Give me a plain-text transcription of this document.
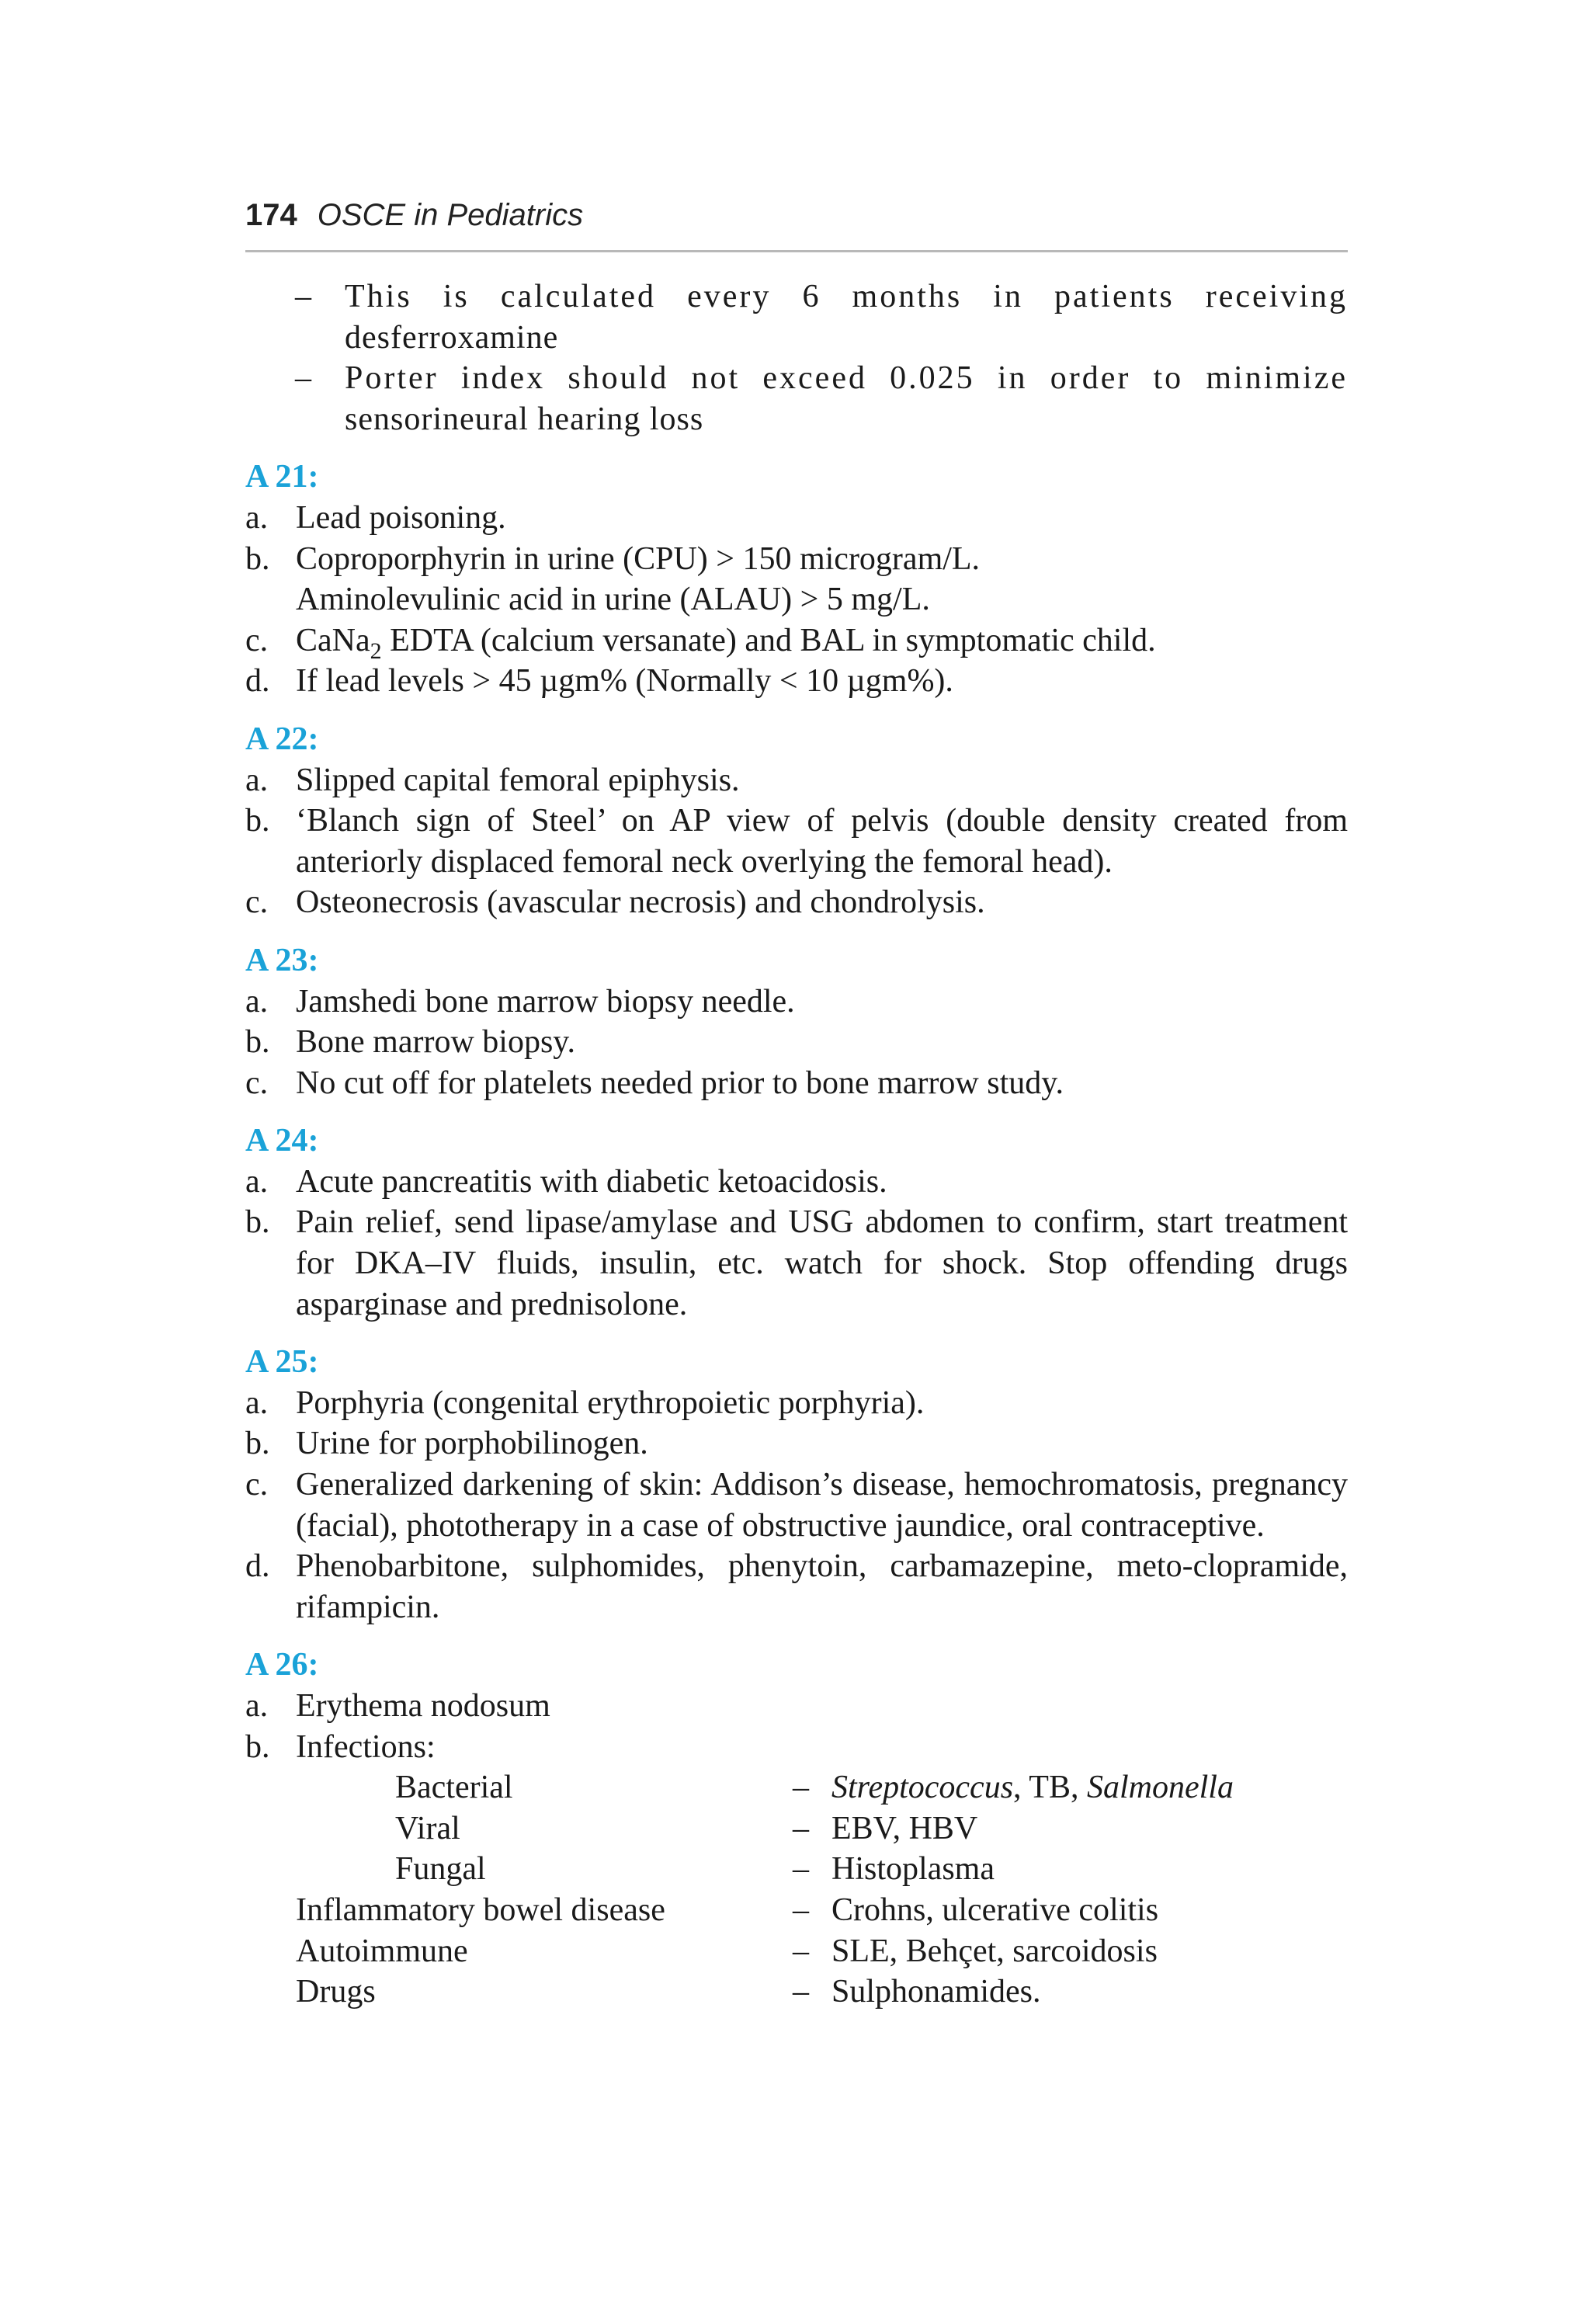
174 OSCE in Pediatrics
–	This is calculated every 6 months in patients receiving
desferroxamine
–	Porter index should not exceed 0.025 in order to minimize
sensorineural hearing loss
A 21:
a. Lead poisoning.
b. Coproporphyrin in urine (CPU) > 150 microgram/L.
Aminolevulinic acid in urine (ALAU) > 5 mg/L.
c. CaNa$_2$ EDTA (calcium versanate) and BAL in symptomatic child.
d. If lead levels > 45 µgm% (Normally < 10 µgm%).
A 22:
a. Slipped capital femoral epiphysis.
b. ‘Blanch sign of Steel’ on AP view of pelvis (double density created from anteriorly displaced femoral neck overlying the femoral head).
c. Osteonecrosis (avascular necrosis) and chondrolysis.
A 23:
a. Jamshedi bone marrow biopsy needle.
b. Bone marrow biopsy.
c. No cut off for platelets needed prior to bone marrow study.
A 24:
a. Acute pancreatitis with diabetic ketoacidosis.
b. Pain relief, send lipase/amylase and USG abdomen to confirm, start treatment for DKA–IV fluids, insulin, etc. watch for shock. Stop offending drugs asparginase and prednisolone.
A 25:
a. Porphyria (congenital erythropoietic porphyria).
b. Urine for porphobilinogen.
c. Generalized darkening of skin: Addison’s disease, hemochromatosis, pregnancy (facial), phototherapy in a case of obstructive jaundice, oral contraceptive.
d. Phenobarbitone, sulphomides, phenytoin, carbamazepine, meto-clopramide, rifampicin.
A 26:
a. Erythema nodosum
b. Infections:
Bacterial	– Streptococcus, TB, Salmonella
Viral	– EBV, HBV
Fungal	– Histoplasma
Inflammatory bowel disease	– Crohns, ulcerative colitis
Autoimmune	– SLE, Behçet, sarcoidosis
Drugs	– Sulphonamides.
